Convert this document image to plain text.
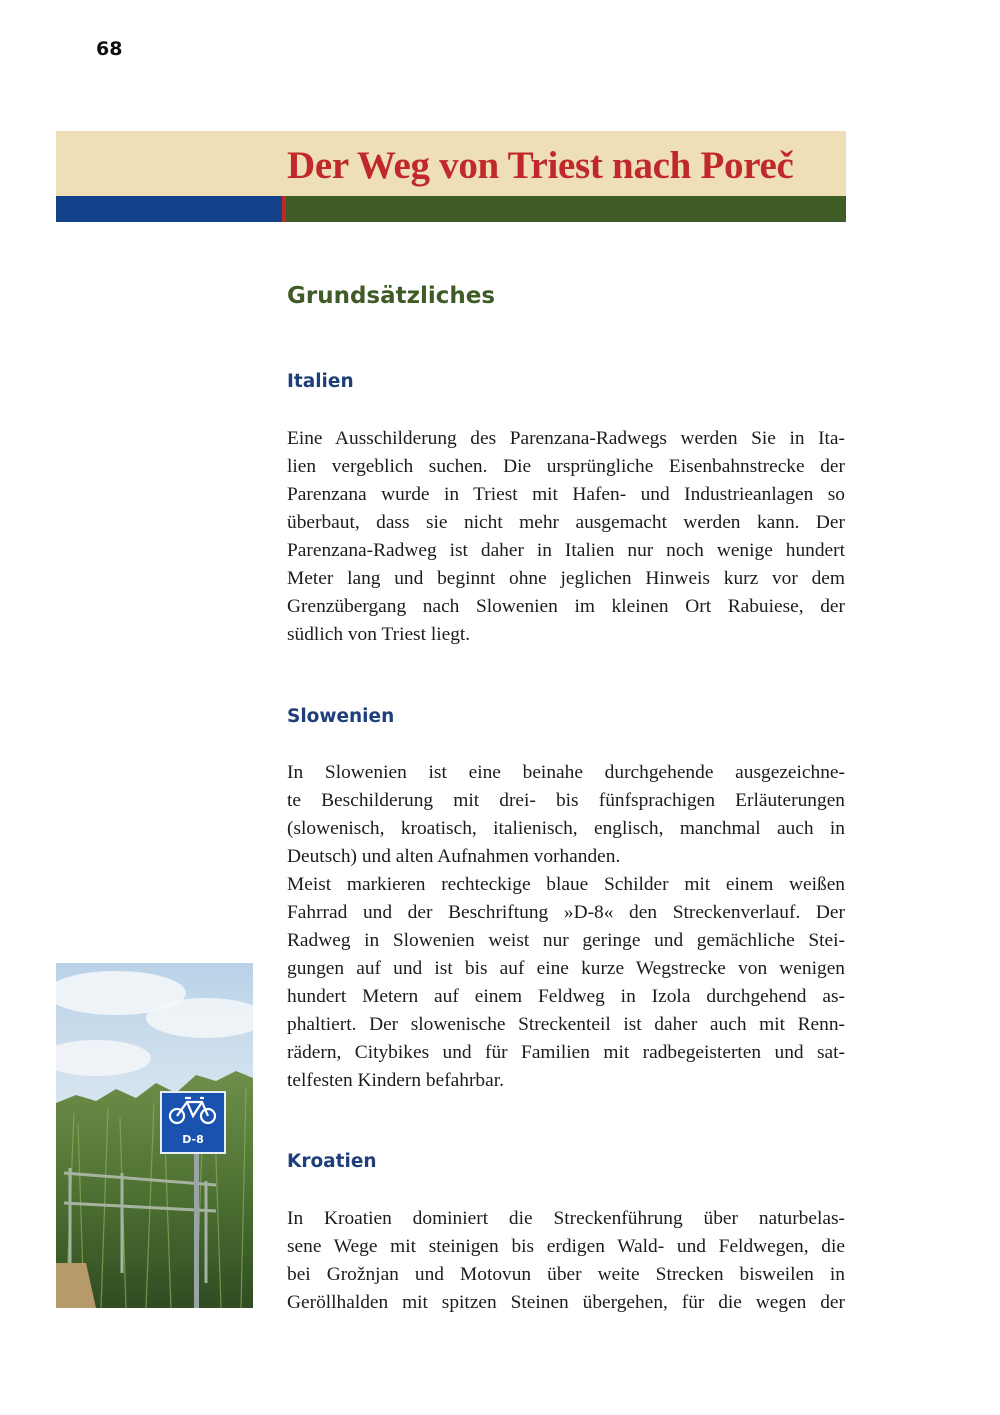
68
Der Weg von Triest nach Poreč
Grundsätzliches
Italien
Eine Ausschilderung des Parenzana-Radwegs werden Sie in Ita-
lien vergeblich suchen. Die ursprüngliche Eisenbahnstrecke der
Parenzana wurde in Triest mit Hafen- und Industrieanlagen so
überbaut, dass sie nicht mehr ausgemacht werden kann. Der
Parenzana-Radweg ist daher in Italien nur noch wenige hundert
Meter lang und beginnt ohne jeglichen Hinweis kurz vor dem
Grenzübergang nach Slowenien im kleinen Ort Rabuiese, der
südlich von Triest liegt.
Slowenien
In Slowenien ist eine beinahe durchgehende ausgezeichne-
te Beschilderung mit drei- bis fünfsprachigen Erläuterungen
(slowenisch, kroatisch, italienisch, englisch, manchmal auch in
Deutsch) und alten Aufnahmen vorhanden.
Meist markieren rechteckige blaue Schilder mit einem weißen
Fahrrad und der Beschriftung »D-8« den Streckenverlauf. Der
Radweg in Slowenien weist nur geringe und gemächliche Stei-
gungen auf und ist bis auf eine kurze Wegstrecke von wenigen
hundert Metern auf einem Feldweg in Izola durchgehend as-
phaltiert. Der slowenische Streckenteil ist daher auch mit Renn-
rädern, Citybikes und für Familien mit radbegeisterten und sat-
telfesten Kindern befahrbar.
Kroatien
In Kroatien dominiert die Streckenführung über naturbelas-
sene Wege mit steinigen bis erdigen Wald- und Feldwegen, die
bei Grožnjan und Motovun über weite Strecken bisweilen in
Geröllhalden mit spitzen Steinen übergehen, für die wegen der
D-8
